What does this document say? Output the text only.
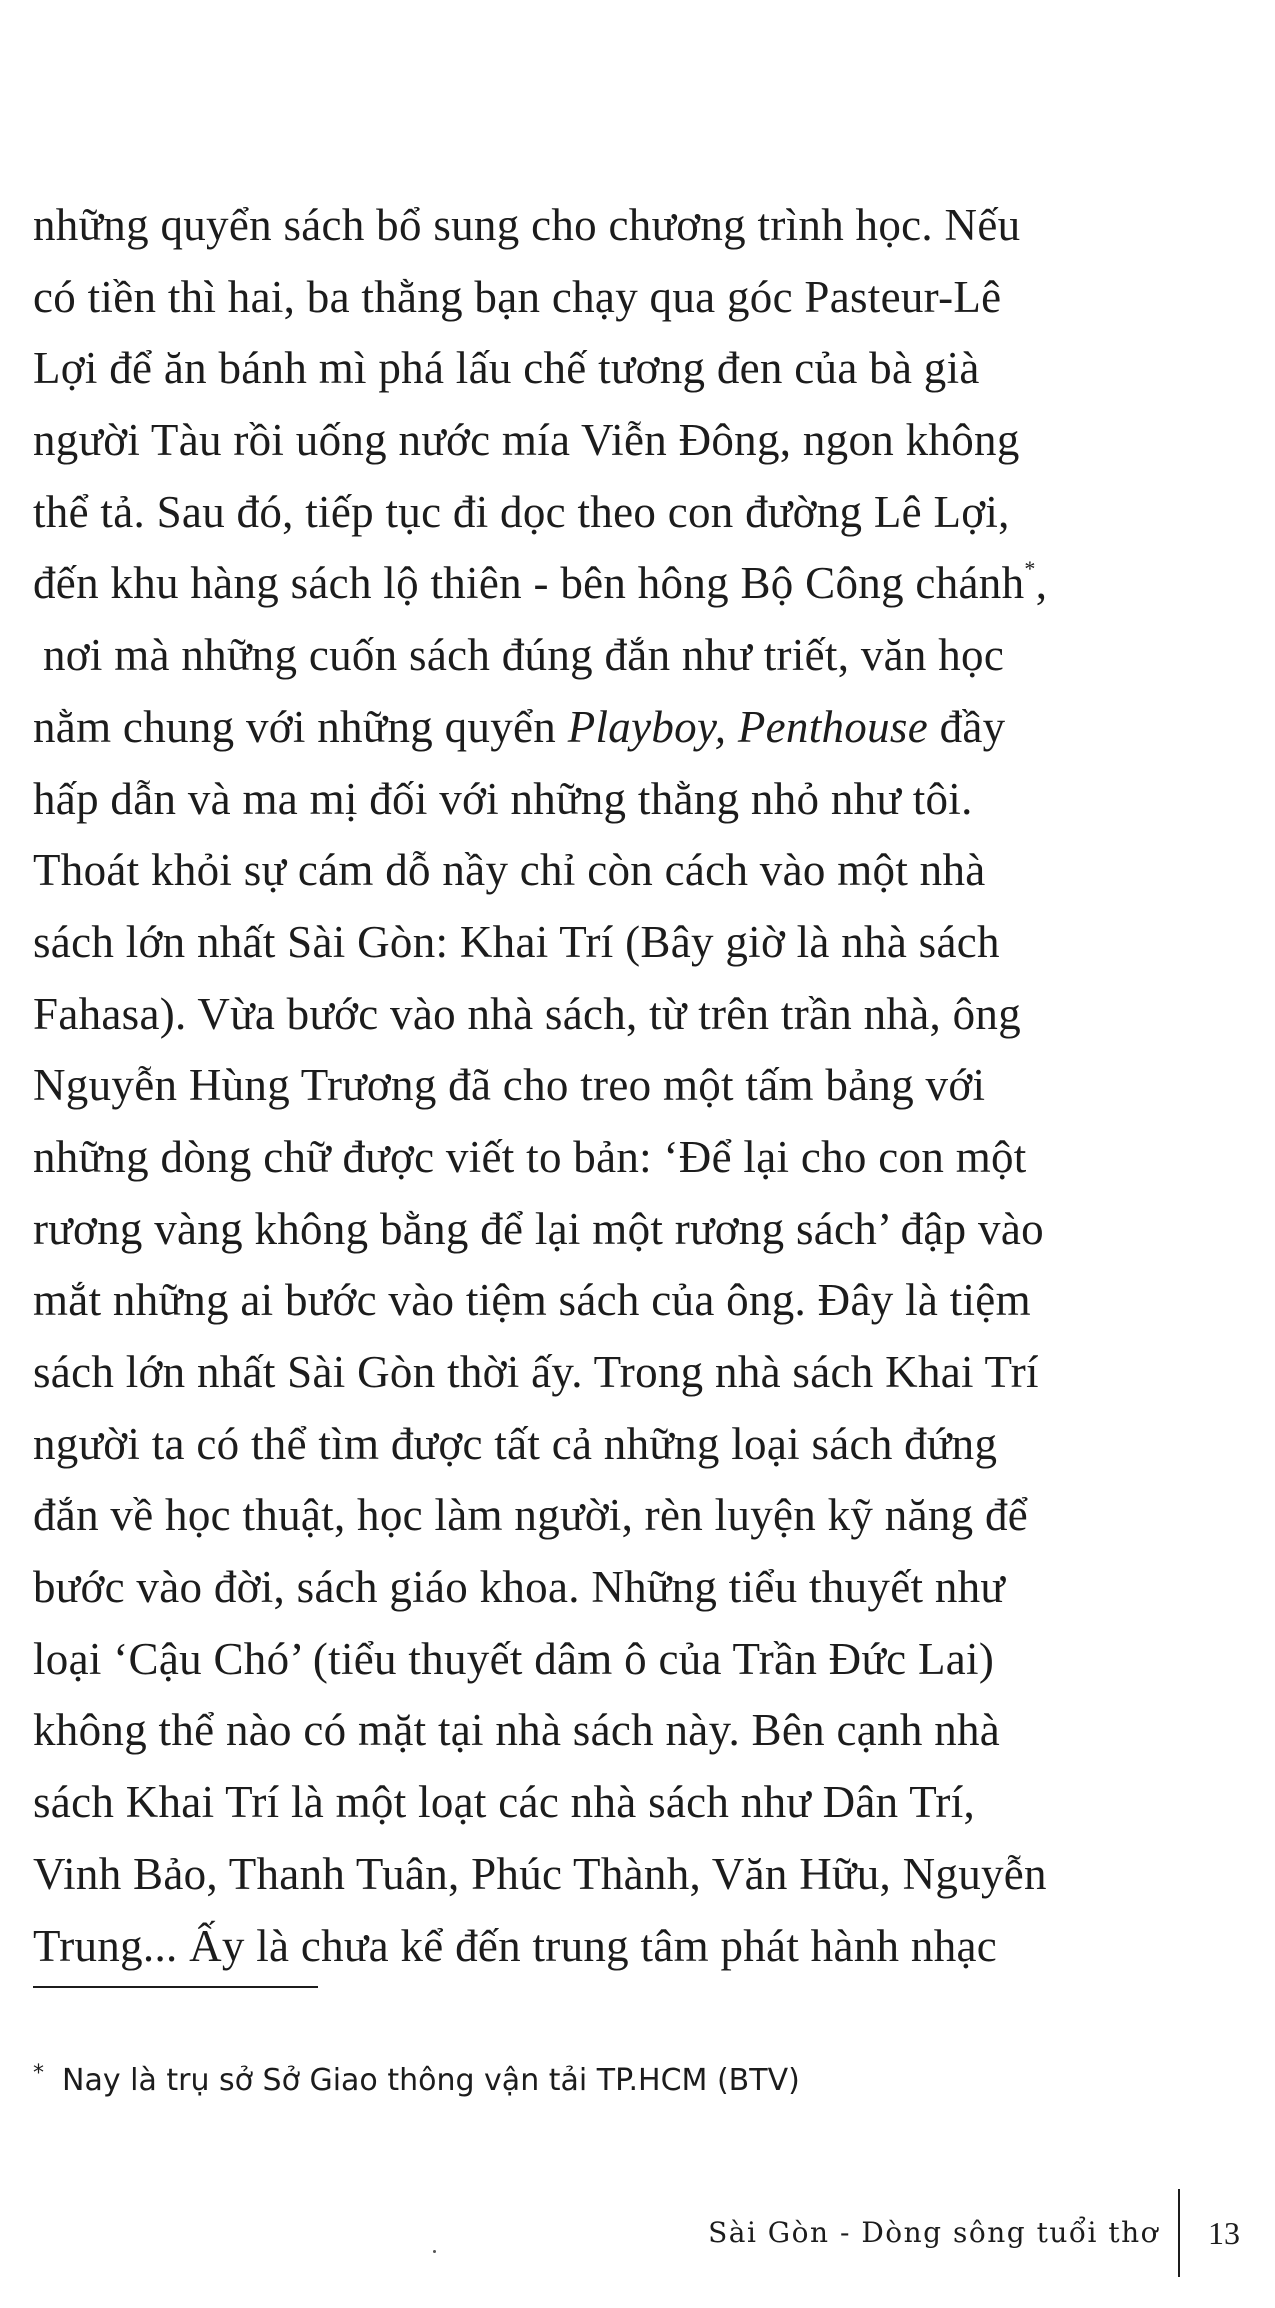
những quyển sách bổ sung cho chương trình học. Nếu
có tiền thì hai, ba thằng bạn chạy qua góc Pasteur-Lê
Lợi để ăn bánh mì phá lấu chế tương đen của bà già
người Tàu rồi uống nước mía Viễn Đông, ngon không
thể tả. Sau đó, tiếp tục đi dọc theo con đường Lê Lợi,
đến khu hàng sách lộ thiên - bên hông Bộ Công chánh*,
nơi mà những cuốn sách đúng đắn như triết, văn học
nằm chung với những quyển Playboy, Penthouse đầy
hấp dẫn và ma mị đối với những thằng nhỏ như tôi.
Thoát khỏi sự cám dỗ nầy chỉ còn cách vào một nhà
sách lớn nhất Sài Gòn: Khai Trí (Bây giờ là nhà sách
Fahasa). Vừa bước vào nhà sách, từ trên trần nhà, ông
Nguyễn Hùng Trương đã cho treo một tấm bảng với
những dòng chữ được viết to bản: ‘Để lại cho con một
rương vàng không bằng để lại một rương sách’ đập vào
mắt những ai bước vào tiệm sách của ông. Đây là tiệm
sách lớn nhất Sài Gòn thời ấy. Trong nhà sách Khai Trí
người ta có thể tìm được tất cả những loại sách đứng
đắn về học thuật, học làm người, rèn luyện kỹ năng để
bước vào đời, sách giáo khoa. Những tiểu thuyết như
loại ‘Cậu Chó’ (tiểu thuyết dâm ô của Trần Đức Lai)
không thể nào có mặt tại nhà sách này. Bên cạnh nhà
sách Khai Trí là một loạt các nhà sách như Dân Trí,
Vinh Bảo, Thanh Tuân, Phúc Thành, Văn Hữu, Nguyễn
Trung... Ấy là chưa kể đến trung tâm phát hành nhạc
* Nay là trụ sở Sở Giao thông vận tải TP.HCM (BTV)
Sài Gòn - Dòng sông tuổi thơ 13
